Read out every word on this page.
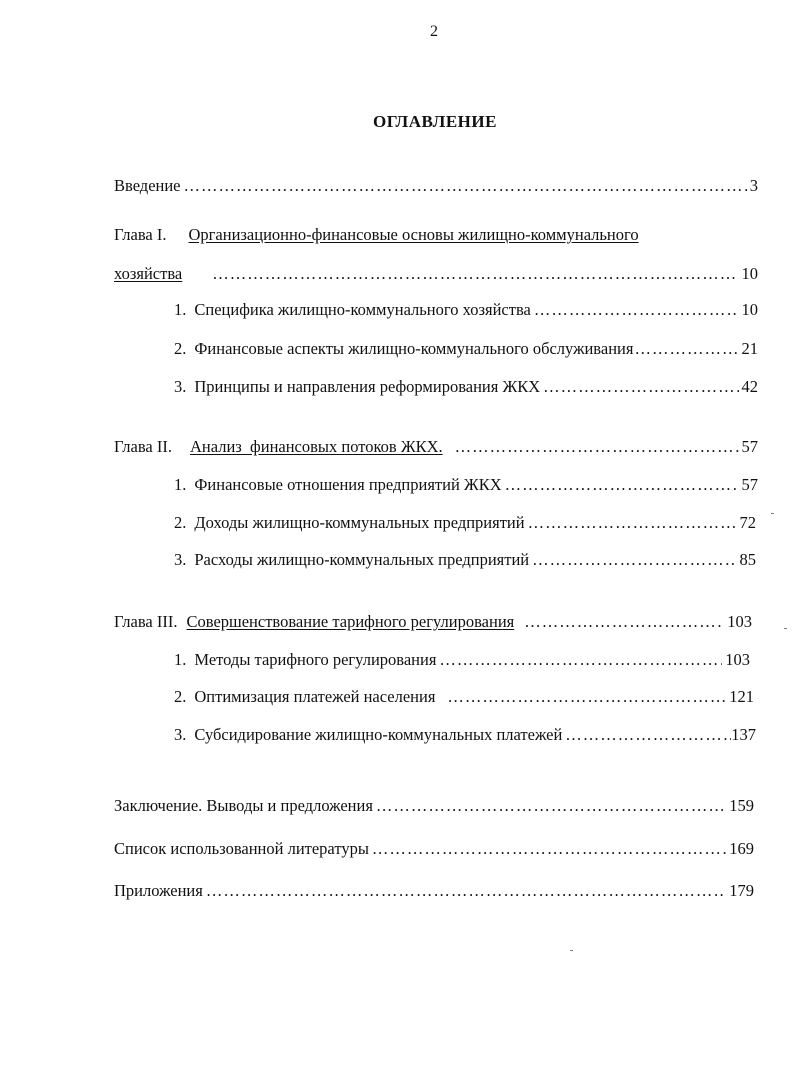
2
ОГЛАВЛЕНИЕ
Введение ……………………………………………………………………………………………………………………………………………………………………………………………	3
Глава I. Организационно-финансовые основы жилищно-коммунального
хозяйства ……………………………………………………………………………………………………………………………………………………………………………………………	10
1. Специфика жилищно-коммунального хозяйства ……………………………………………………………………………………………………………………………………………………………………………………………	10
2. Финансовые аспекты жилищно-коммунального обслуживания ……………………………………………………………………………………………………………………………………………………………………………………………	21
3. Принципы и направления реформирования ЖКХ ……………………………………………………………………………………………………………………………………………………………………………………………	42
Глава II. Анализ  финансовых потоков ЖКХ. ……………………………………………………………………………………………………………………………………………………………………………………………	57
1. Финансовые отношения предприятий ЖКХ ……………………………………………………………………………………………………………………………………………………………………………………………	57
2. Доходы жилищно-коммунальных предприятий ……………………………………………………………………………………………………………………………………………………………………………………………	72
3. Расходы жилищно-коммунальных предприятий ……………………………………………………………………………………………………………………………………………………………………………………………	85
Глава III. Совершенствование тарифного регулирования ……………………………………………………………………………………………………………………………………………………………………………………………	103
1. Методы тарифного регулирования ……………………………………………………………………………………………………………………………………………………………………………………………	103
2. Оптимизация платежей населения ……………………………………………………………………………………………………………………………………………………………………………………………	121
3. Субсидирование жилищно-коммунальных платежей ……………………………………………………………………………………………………………………………………………………………………………………………	137
Заключение. Выводы и предложения ……………………………………………………………………………………………………………………………………………………………………………………………	159
Список использованной литературы ……………………………………………………………………………………………………………………………………………………………………………………………	169
Приложения ……………………………………………………………………………………………………………………………………………………………………………………………	179
